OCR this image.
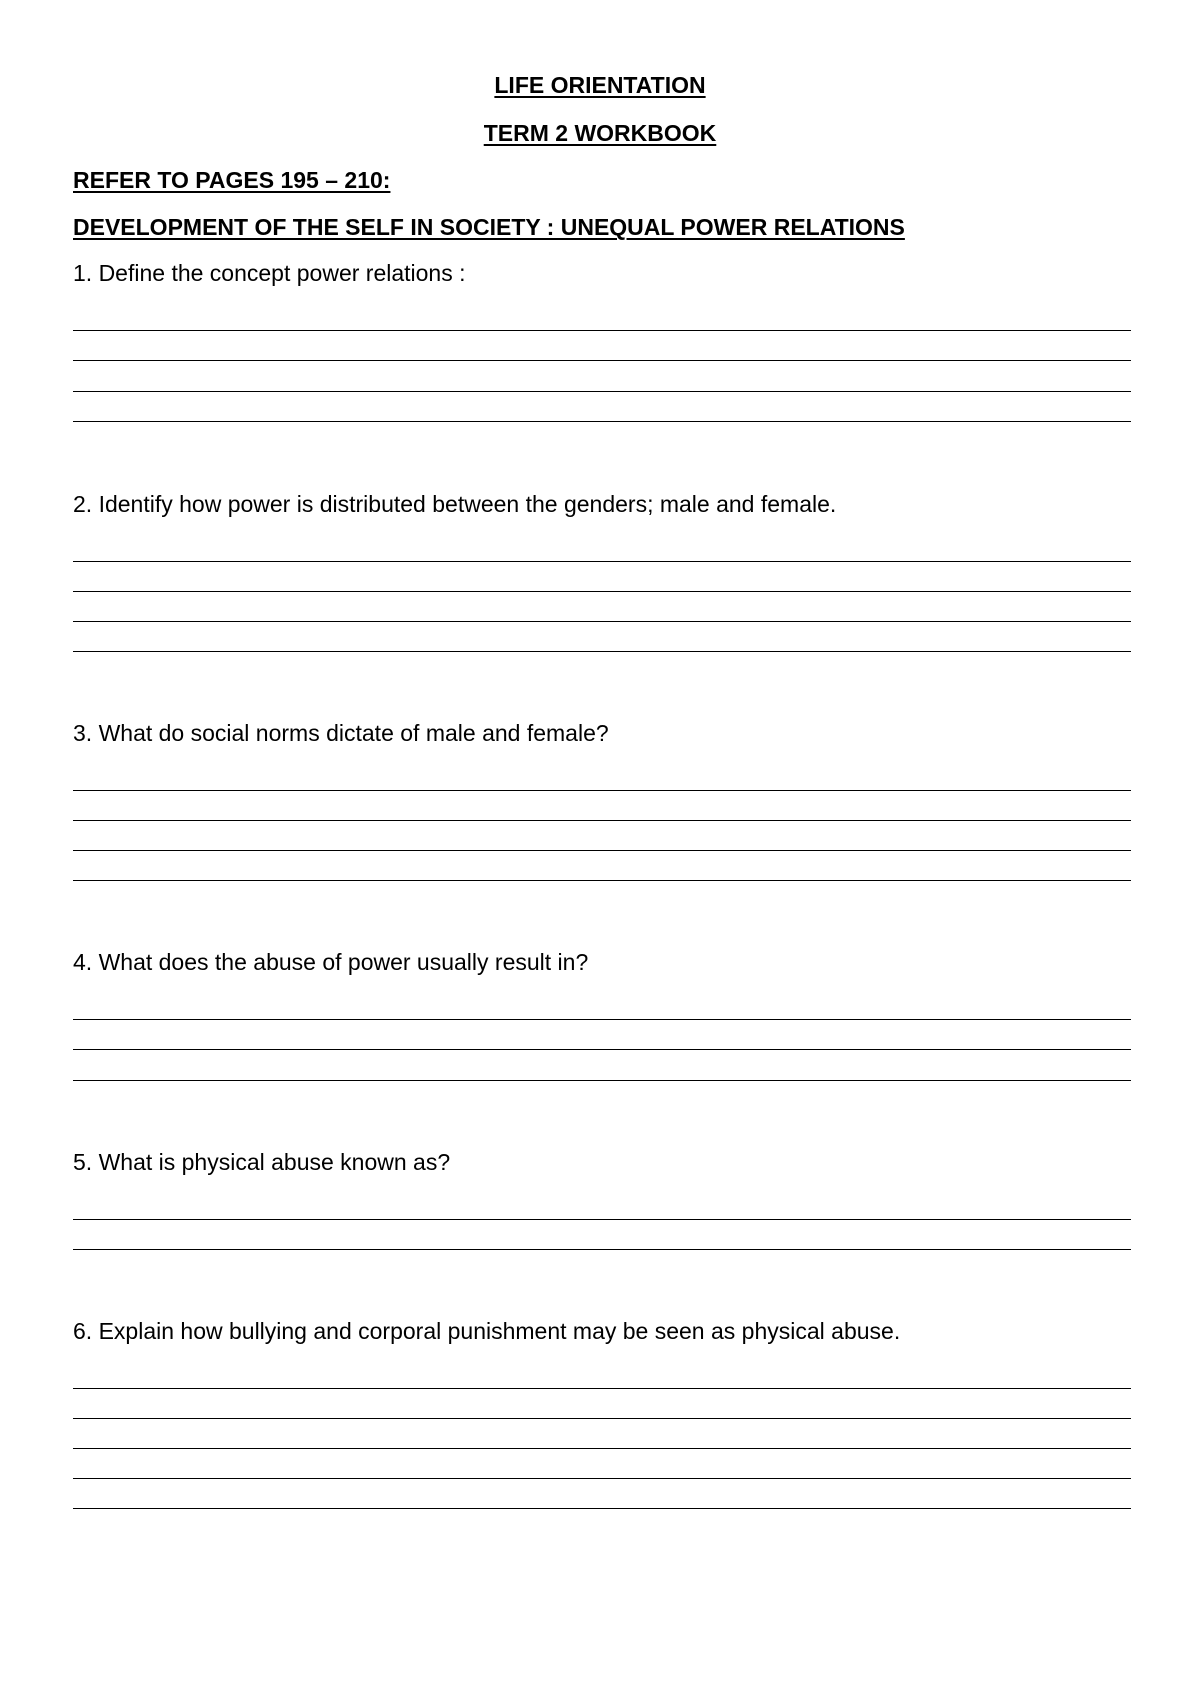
LIFE ORIENTATION
TERM 2 WORKBOOK
REFER TO PAGES 195 – 210:
DEVELOPMENT OF THE SELF IN SOCIETY : UNEQUAL POWER RELATIONS
1. Define the concept power relations :
2. Identify how power is distributed between the genders; male and female.
3. What do social norms dictate of male and female?
4. What does the abuse of power usually result in?
5. What is physical abuse known as?
6. Explain how bullying and corporal punishment may be seen as physical abuse.
